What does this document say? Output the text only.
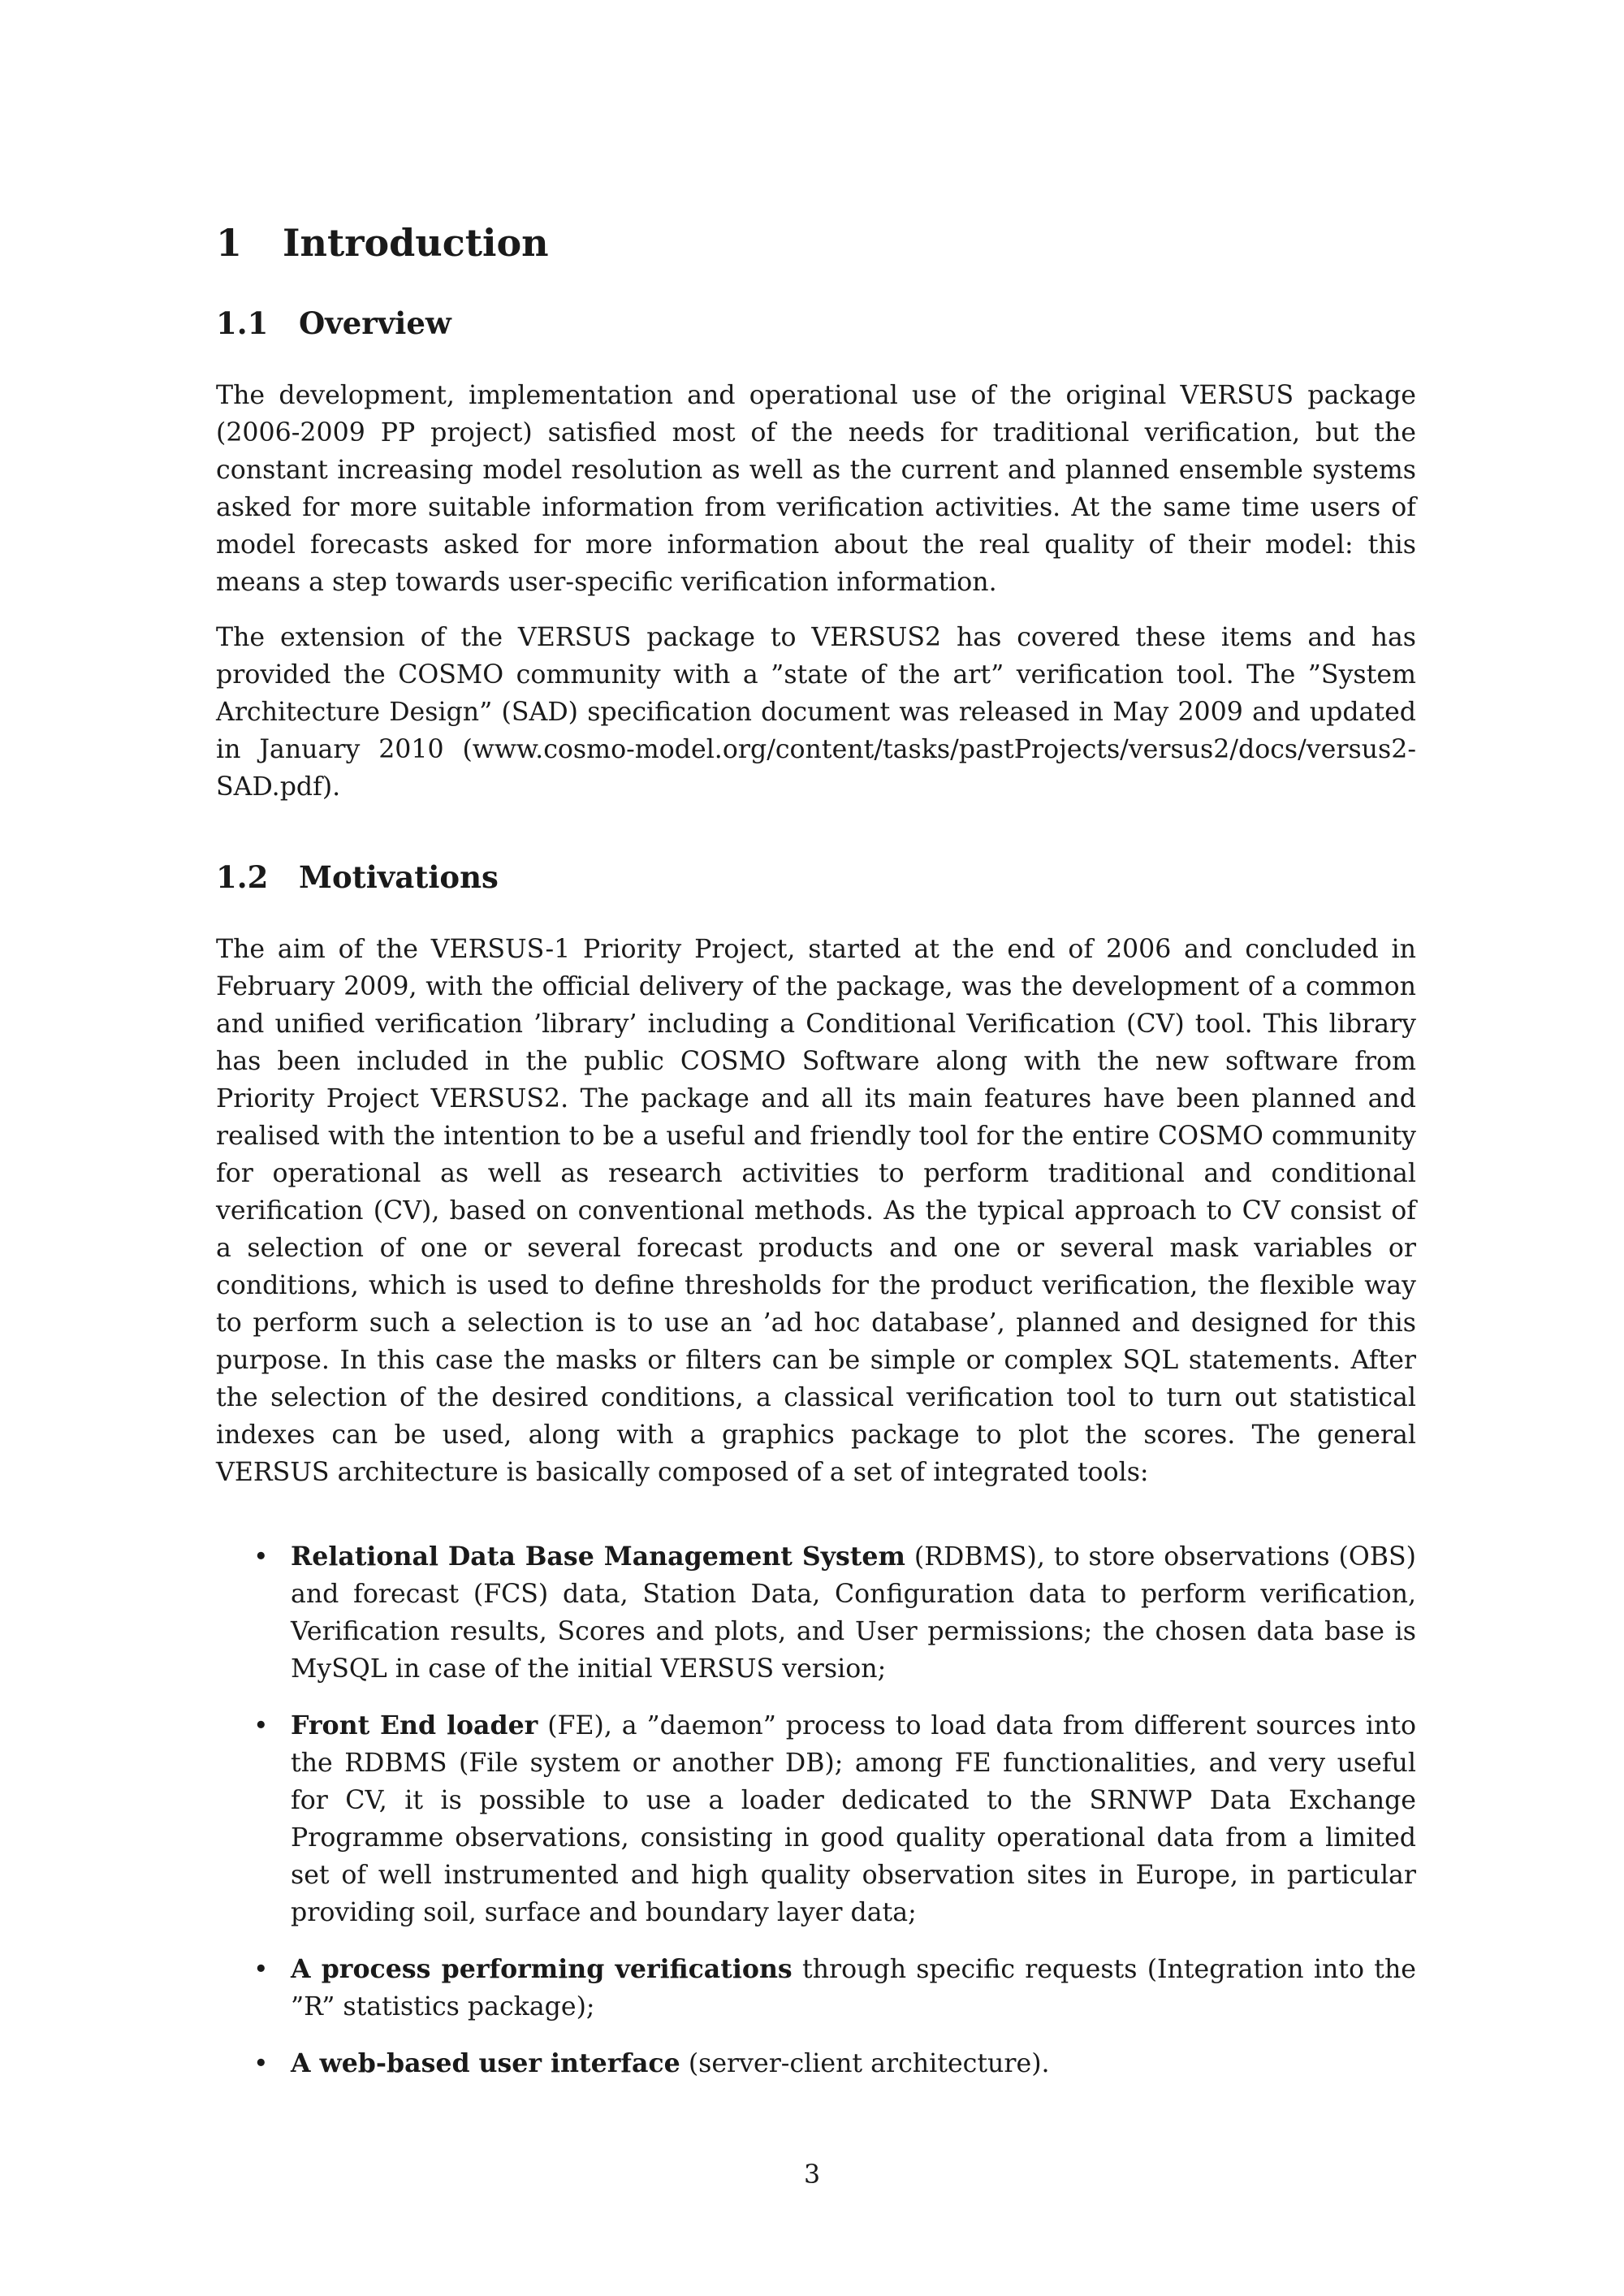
1 Introduction
1.1 Overview

The development, implementation and operational use of the original VERSUS package (2006-2009 PP project) satisfied most of the needs for traditional verification, but the constant increasing model resolution as well as the current and planned ensemble systems asked for more suitable information from verification activities. At the same time users of model forecasts asked for more information about the real quality of their model: this means a step towards user-specific verification information.

The extension of the VERSUS package to VERSUS2 has covered these items and has provided the COSMO community with a ”state of the art” verification tool. The ”System Architecture Design” (SAD) specification document was released in May 2009 and updated in January 2010 (www.cosmo-model.org/content/tasks/pastProjects/versus2/docs/versus2-SAD.pdf).

1.2 Motivations

The aim of the VERSUS-1 Priority Project, started at the end of 2006 and concluded in February 2009, with the official delivery of the package, was the development of a common and unified verification ’library’ including a Conditional Verification (CV) tool. This library has been included in the public COSMO Software along with the new software from Priority Project VERSUS2. The package and all its main features have been planned and realised with the intention to be a useful and friendly tool for the entire COSMO community for operational as well as research activities to perform traditional and conditional verification (CV), based on conventional methods. As the typical approach to CV consist of a selection of one or several forecast products and one or several mask variables or conditions, which is used to define thresholds for the product verification, the flexible way to perform such a selection is to use an ’ad hoc database’, planned and designed for this purpose. In this case the masks or filters can be simple or complex SQL statements. After the selection of the desired conditions, a classical verification tool to turn out statistical indexes can be used, along with a graphics package to plot the scores. The general VERSUS architecture is basically composed of a set of integrated tools:

• Relational Data Base Management System (RDBMS), to store observations (OBS) and forecast (FCS) data, Station Data, Configuration data to perform verification, Verification results, Scores and plots, and User permissions; the chosen data base is MySQL in case of the initial VERSUS version;
• Front End loader (FE), a ”daemon” process to load data from different sources into the RDBMS (File system or another DB); among FE functionalities, and very useful for CV, it is possible to use a loader dedicated to the SRNWP Data Exchange Programme observations, consisting in good quality operational data from a limited set of well instrumented and high quality observation sites in Europe, in particular providing soil, surface and boundary layer data;
• A process performing verifications through specific requests (Integration into the ”R” statistics package);
• A web-based user interface (server-client architecture).
3
